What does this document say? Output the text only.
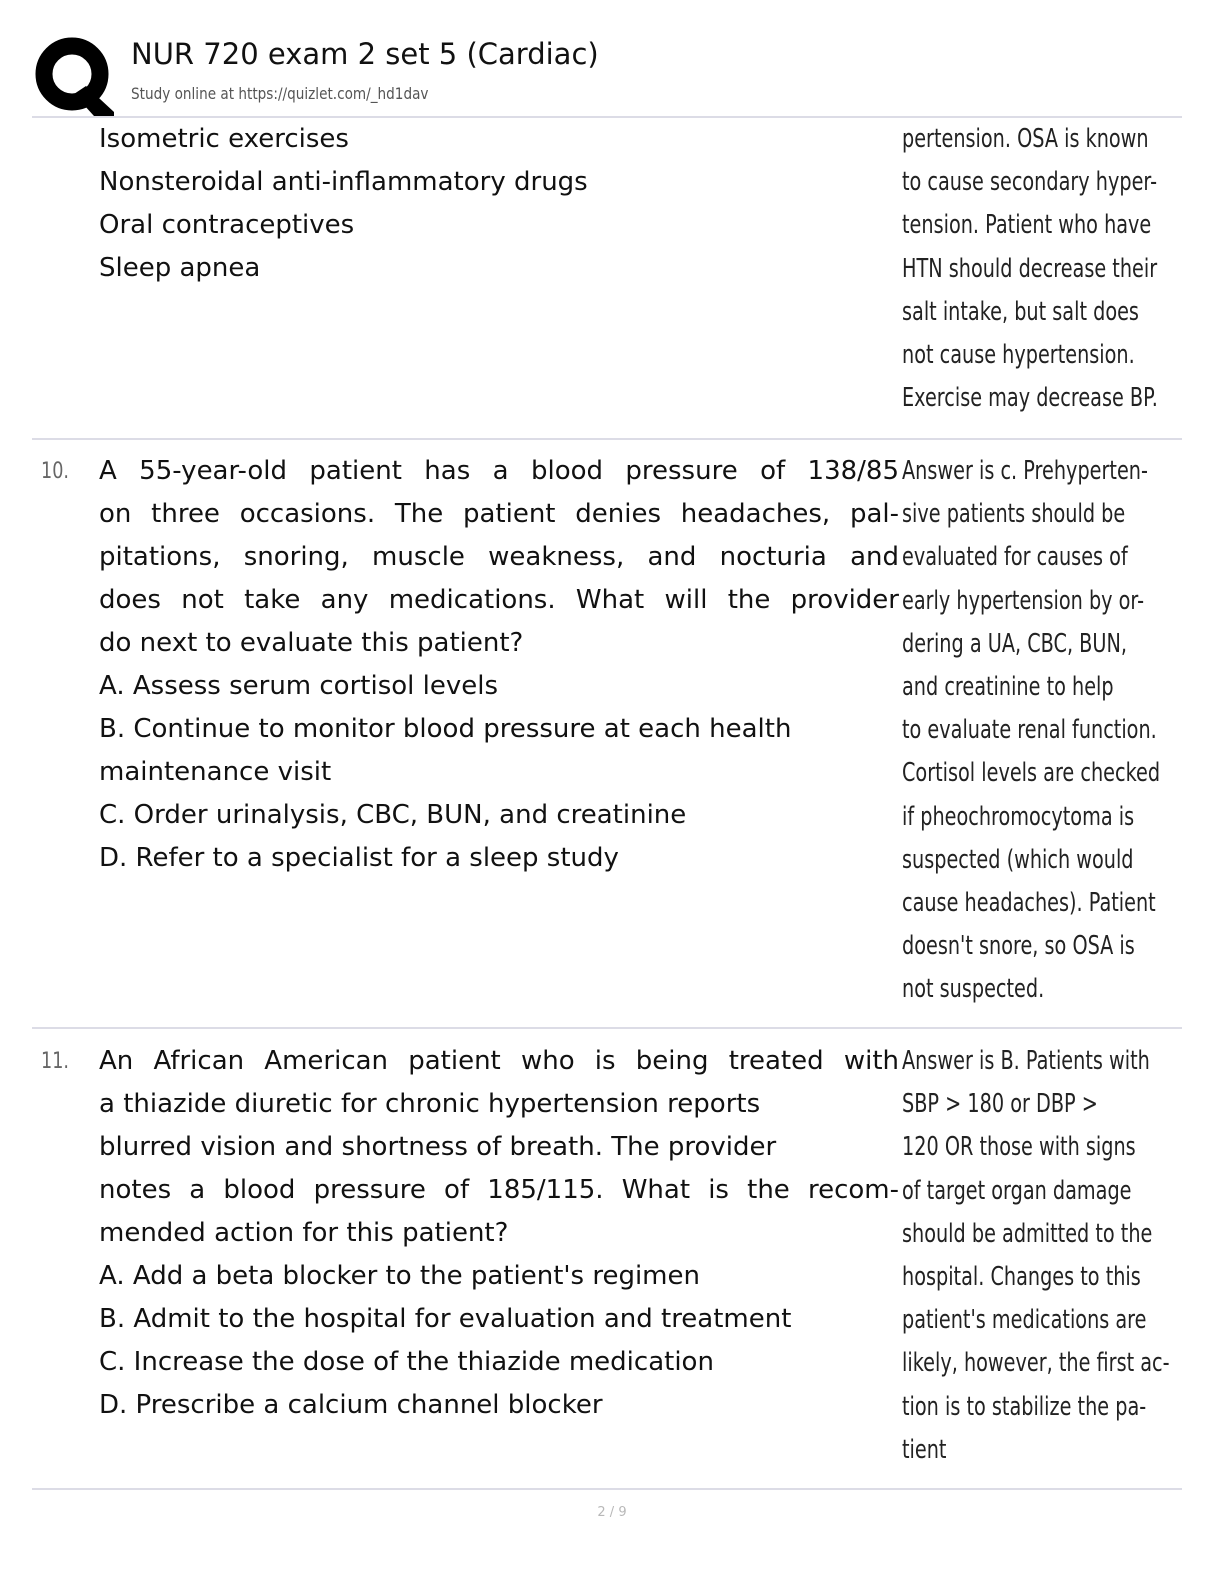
NUR 720 exam 2 set 5 (Cardiac)
Study online at https://quizlet.com/_hd1dav
Isometric exercises
Nonsteroidal anti-inflammatory drugs
Oral contraceptives
Sleep apnea
pertension. OSA is known
to cause secondary hyper-
tension. Patient who have
HTN should decrease their
salt intake, but salt does
not cause hypertension.
Exercise may decrease BP.
10. A 55-year-old patient has a blood pressure of 138/85
on three occasions. The patient denies headaches, pal-
pitations, snoring, muscle weakness, and nocturia and
does not take any medications. What will the provider
do next to evaluate this patient?
A. Assess serum cortisol levels
B. Continue to monitor blood pressure at each health
maintenance visit
C. Order urinalysis, CBC, BUN, and creatinine
D. Refer to a specialist for a sleep study
Answer is c. Prehyperten-
sive patients should be
evaluated for causes of
early hypertension by or-
dering a UA, CBC, BUN,
and creatinine to help
to evaluate renal function.
Cortisol levels are checked
if pheochromocytoma is
suspected (which would
cause headaches). Patient
doesn't snore, so OSA is
not suspected.
11. An African American patient who is being treated with
a thiazide diuretic for chronic hypertension reports
blurred vision and shortness of breath. The provider
notes a blood pressure of 185/115. What is the recom-
mended action for this patient?
A. Add a beta blocker to the patient's regimen
B. Admit to the hospital for evaluation and treatment
C. Increase the dose of the thiazide medication
D. Prescribe a calcium channel blocker
Answer is B. Patients with
SBP > 180 or DBP >
120 OR those with signs
of target organ damage
should be admitted to the
hospital. Changes to this
patient's medications are
likely, however, the first ac-
tion is to stabilize the pa-
tient
2 / 9
